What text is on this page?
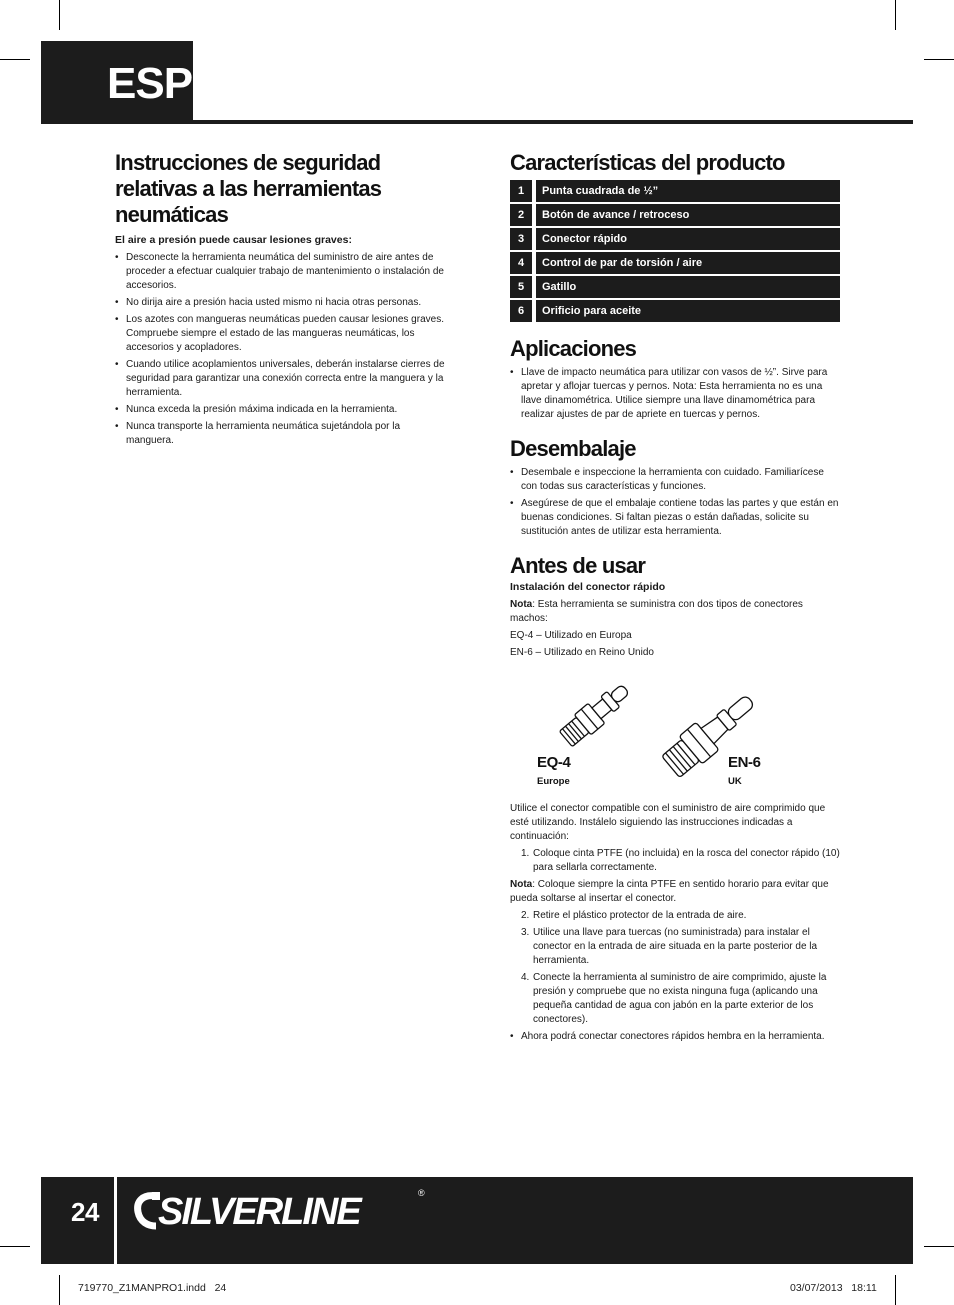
ESP
Instrucciones de seguridad relativas a las herramientas neumáticas
El aire a presión puede causar lesiones graves:
• Desconecte la herramienta neumática del suministro de aire antes de proceder a efectuar cualquier trabajo de mantenimiento o instalación de accesorios.
• No dirija aire a presión hacia usted mismo ni hacia otras personas.
• Los azotes con mangueras neumáticas pueden causar lesiones graves. Compruebe siempre el estado de las mangueras neumáticas, los accesorios y acopladores.
• Cuando utilice acoplamientos universales, deberán instalarse cierres de seguridad para garantizar una conexión correcta entre la manguera y la herramienta.
• Nunca exceda la presión máxima indicada en la herramienta.
• Nunca transporte la herramienta neumática sujetándola por la manguera.
Características del producto
1	Punta cuadrada de ½”
2	Botón de avance / retroceso
3	Conector rápido
4	Control de par de torsión / aire
5	Gatillo
6	Orificio para aceite
Aplicaciones
• Llave de impacto neumática para utilizar con vasos de ½”. Sirve para apretar y aflojar tuercas y pernos. Nota: Esta herramienta no es una llave dinamométrica. Utilice siempre una llave dinamométrica para realizar ajustes de par de apriete en tuercas y pernos.
Desembalaje
• Desembale e inspeccione la herramienta con cuidado. Familiarícese con todas sus características y funciones.
• Asegúrese de que el embalaje contiene todas las partes y que están en buenas condiciones. Si faltan piezas o están dañadas, solicite su sustitución antes de utilizar esta herramienta.
Antes de usar
Instalación del conector rápido

Nota: Esta herramienta se suministra con dos tipos de conectores machos:

EQ-4 – Utilizado en Europa

EN-6 – Utilizado en Reino Unido

EQ-4
Europe
EN-6
UK

Utilice el conector compatible con el suministro de aire comprimido que esté utilizando. Instálelo siguiendo las instrucciones indicadas a continuación:

1. Coloque cinta PTFE (no incluida) en la rosca del conector rápido (10) para sellarla correctamente.

Nota: Coloque siempre la cinta PTFE en sentido horario para evitar que pueda soltarse al insertar el conector.

2. Retire el plástico protector de la entrada de aire.
3. Utilice una llave para tuercas (no suministrada) para instalar el conector en la entrada de aire situada en la parte posterior de la herramienta.
4. Conecte la herramienta al suministro de aire comprimido, ajuste la presión y compruebe que no exista ninguna fuga (aplicando una pequeña cantidad de agua con jabón en la parte exterior de los conectores).
• Ahora podrá conectar conectores rápidos hembra en la herramienta.
24 SILVERLINE	®
719770_Z1MANPRO1.indd   24	03/07/2013   18:11
